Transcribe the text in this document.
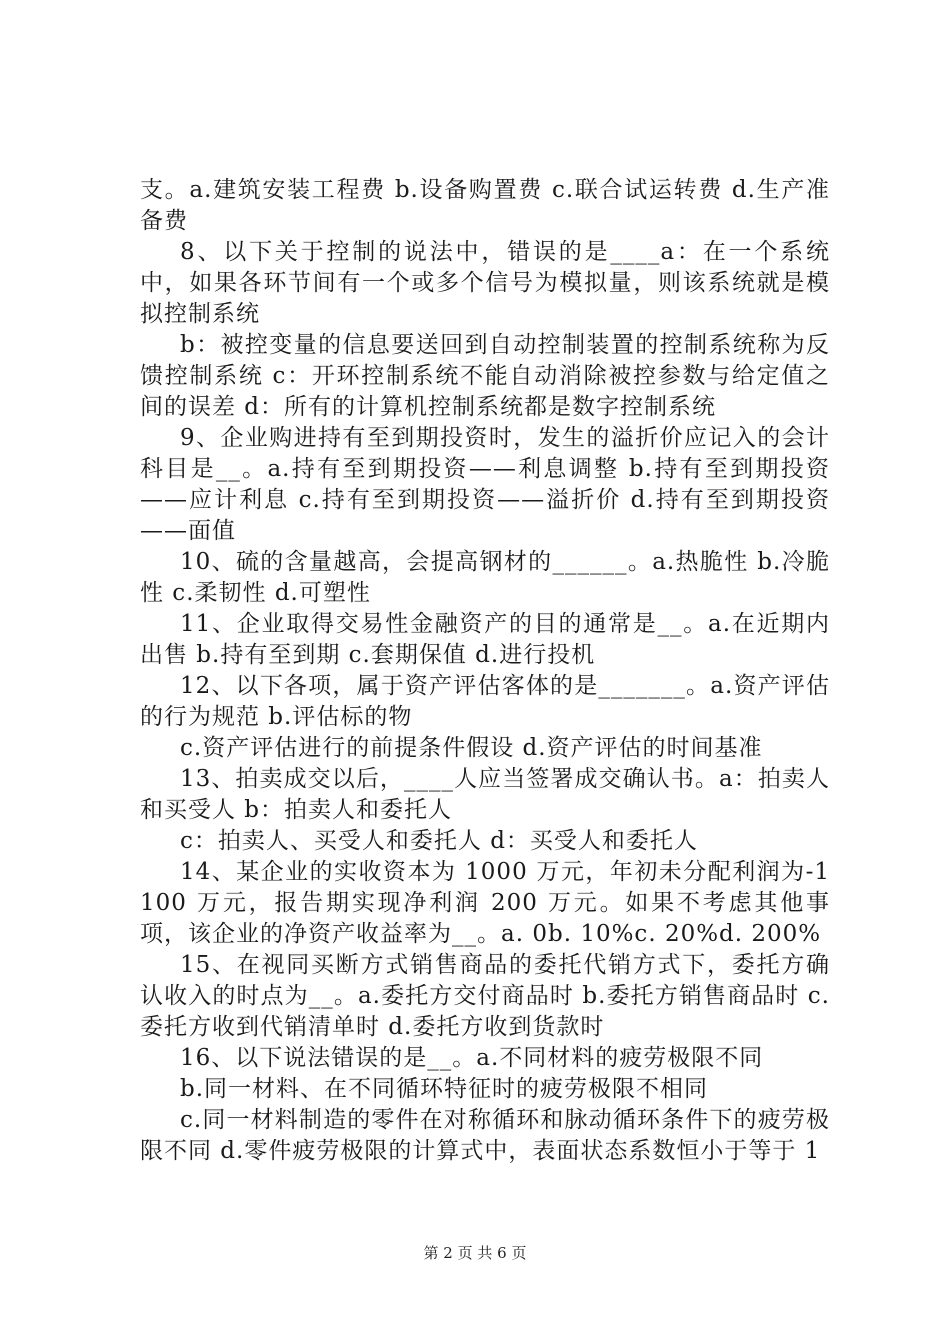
支。a.建筑安装工程费 b.设备购置费 c.联合试运转费 d.生产准备费

8、以下关于控制的说法中，错误的是____a：在一个系统中，如果各环节间有一个或多个信号为模拟量，则该系统就是模拟控制系统

b：被控变量的信息要送回到自动控制装置的控制系统称为反馈控制系统 c：开环控制系统不能自动消除被控参数与给定值之间的误差 d：所有的计算机控制系统都是数字控制系统

9、企业购进持有至到期投资时，发生的溢折价应记入的会计科目是__。a.持有至到期投资——利息调整 b.持有至到期投资——应计利息 c.持有至到期投资——溢折价 d.持有至到期投资——面值

10、硫的含量越高，会提高钢材的______。a.热脆性 b.冷脆性 c.柔韧性 d.可塑性

11、企业取得交易性金融资产的目的通常是__。a.在近期内出售 b.持有至到期 c.套期保值 d.进行投机

12、以下各项，属于资产评估客体的是_______。a.资产评估的行为规范 b.评估标的物

c.资产评估进行的前提条件假设 d.资产评估的时间基准

13、拍卖成交以后，____人应当签署成交确认书。a：拍卖人和买受人 b：拍卖人和委托人

c：拍卖人、买受人和委托人 d：买受人和委托人

14、某企业的实收资本为 1000 万元，年初未分配利润为-1100 万元，报告期实现净利润 200 万元。如果不考虑其他事项，该企业的净资产收益率为__。a. 0b. 10%c. 20%d. 200%

15、在视同买断方式销售商品的委托代销方式下，委托方确认收入的时点为__。a.委托方交付商品时 b.委托方销售商品时 c.委托方收到代销清单时 d.委托方收到货款时

16、以下说法错误的是__。a.不同材料的疲劳极限不同

b.同一材料、在不同循环特征时的疲劳极限不相同

c.同一材料制造的零件在对称循环和脉动循环条件下的疲劳极限不同 d.零件疲劳极限的计算式中，表面状态系数恒小于等于 1

第 2 页 共 6 页
